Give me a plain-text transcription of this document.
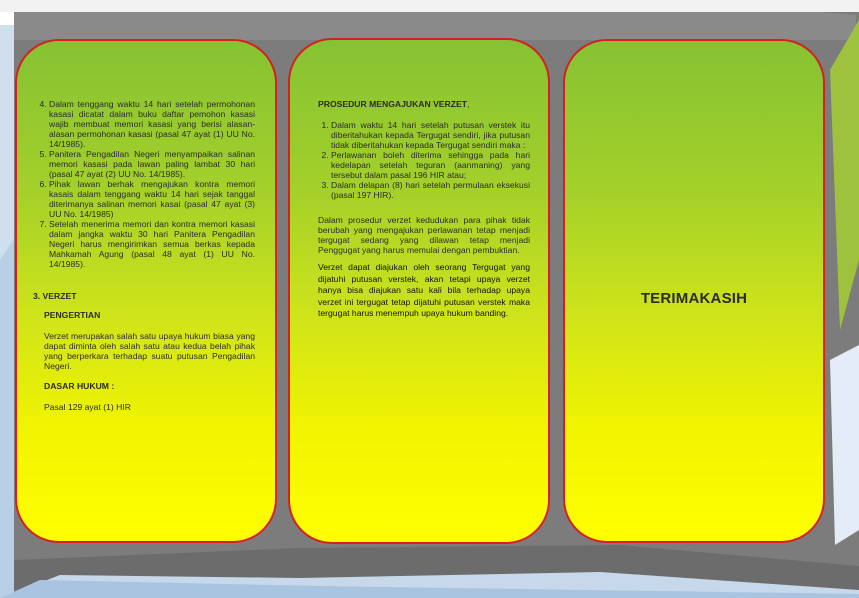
4. Dalam tenggang waktu 14 hari setelah permohonan kasasi dicatat dalam buku daftar pemohon kasasi wajib membuat memori kasasi yang berisi alasan-alasan permohonan kasasi (pasal 47 ayat (1) UU No. 14/1985).
5. Panitera Pengadilan Negeri menyampaikan salinan memori kasasi pada lawan paling lambat 30 hari (pasal 47 ayat (2) UU No. 14/1985).
6. Pihak lawan berhak mengajukan kontra memori kasais dalam tenggang waktu 14 hari sejak tanggal diterimanya salinan memori kasai (pasal 47 ayat (3) UU No. 14/1985)
7. Setelah menerima memori dan kontra memori kasasi dalam jangka waktu 30 hari Panitera Pengadilan Negeri harus mengirimkan semua berkas kepada Mahkamah Agung (pasal 48 ayat (1) UU No. 14/1985).
3. VERZET
PENGERTIAN
Verzet merupakan salah satu upaya hukum biasa yang dapat diminta oleh salah satu atau kedua belah pihak yang berperkara terhadap suatu putusan Pengadilan Negeri.
DASAR HUKUM :
Pasal 129 ayat (1) HIR
PROSEDUR MENGAJUKAN VERZET,
1. Dalam waktu 14 hari setelah putusan verstek itu diberitahukan kepada Tergugat sendiri, jika putusan tidak diberitahukan kepada Tergugat sendiri maka :
2. Perlawanan boleh diterima sehingga pada hari kedelapan setelah teguran (aanmaning) yang tersebut dalam pasal 196 HIR atau;
3. Dalam delapan (8) hari setelah permulaan eksekusi (pasal 197 HIR).
Dalam prosedur verzet kedudukan para pihak tidak berubah yang mengajukan perlawanan tetap menjadi tergugat sedang yang dilawan tetap menjadi Penggugat yang harus memulai dengan pembuktian.
Verzet dapat diajukan oleh seorang Tergugat yang dijatuhi putusan verstek, akan tetapi upaya verzet hanya bisa diajukan satu kali bila terhadap upaya verzet ini tergugat tetap dijatuhi putusan verstek maka tergugat harus menempuh upaya hukum banding.
TERIMAKASIH
